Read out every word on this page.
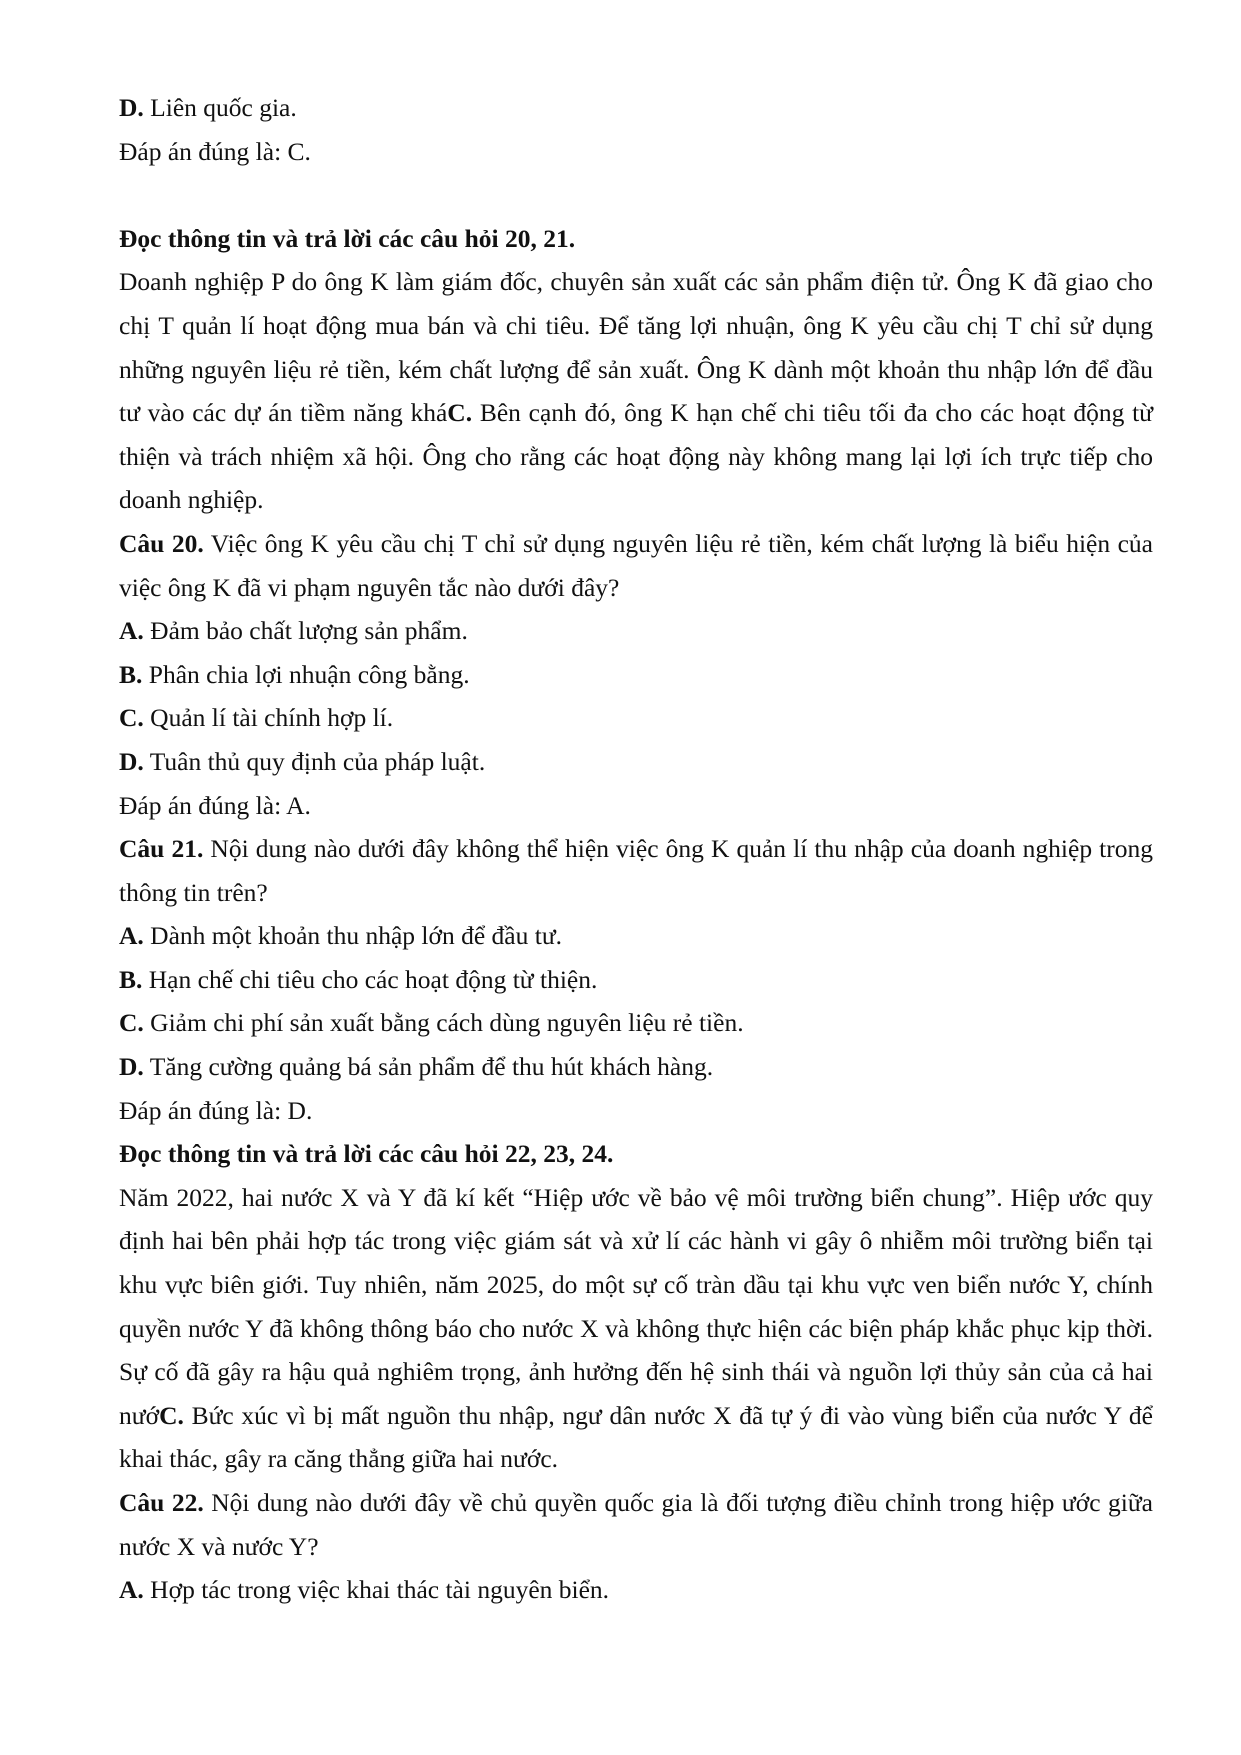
D. Liên quốc gia.

Đáp án đúng là: C.

Đọc thông tin và trả lời các câu hỏi 20, 21.

Doanh nghiệp P do ông K làm giám đốc, chuyên sản xuất các sản phẩm điện tử. Ông K đã giao cho chị T quản lí hoạt động mua bán và chi tiêu. Để tăng lợi nhuận, ông K yêu cầu chị T chỉ sử dụng những nguyên liệu rẻ tiền, kém chất lượng để sản xuất. Ông K dành một khoản thu nhập lớn để đầu tư vào các dự án tiềm năng kháC. Bên cạnh đó, ông K hạn chế chi tiêu tối đa cho các hoạt động từ thiện và trách nhiệm xã hội. Ông cho rằng các hoạt động này không mang lại lợi ích trực tiếp cho doanh nghiệp.

Câu 20. Việc ông K yêu cầu chị T chỉ sử dụng nguyên liệu rẻ tiền, kém chất lượng là biểu hiện của việc ông K đã vi phạm nguyên tắc nào dưới đây?

A. Đảm bảo chất lượng sản phẩm.

B. Phân chia lợi nhuận công bằng.

C. Quản lí tài chính hợp lí.

D. Tuân thủ quy định của pháp luật.

Đáp án đúng là: A.

Câu 21. Nội dung nào dưới đây không thể hiện việc ông K quản lí thu nhập của doanh nghiệp trong thông tin trên?

A. Dành một khoản thu nhập lớn để đầu tư.

B. Hạn chế chi tiêu cho các hoạt động từ thiện.

C. Giảm chi phí sản xuất bằng cách dùng nguyên liệu rẻ tiền.

D. Tăng cường quảng bá sản phẩm để thu hút khách hàng.

Đáp án đúng là: D.

Đọc thông tin và trả lời các câu hỏi 22, 23, 24.

Năm 2022, hai nước X và Y đã kí kết “Hiệp ước về bảo vệ môi trường biển chung”. Hiệp ước quy định hai bên phải hợp tác trong việc giám sát và xử lí các hành vi gây ô nhiễm môi trường biển tại khu vực biên giới. Tuy nhiên, năm 2025, do một sự cố tràn dầu tại khu vực ven biển nước Y, chính quyền nước Y đã không thông báo cho nước X và không thực hiện các biện pháp khắc phục kịp thời. Sự cố đã gây ra hậu quả nghiêm trọng, ảnh hưởng đến hệ sinh thái và nguồn lợi thủy sản của cả hai nướC. Bức xúc vì bị mất nguồn thu nhập, ngư dân nước X đã tự ý đi vào vùng biển của nước Y để khai thác, gây ra căng thẳng giữa hai nước.

Câu 22. Nội dung nào dưới đây về chủ quyền quốc gia là đối tượng điều chỉnh trong hiệp ước giữa nước X và nước Y?

A. Hợp tác trong việc khai thác tài nguyên biển.
